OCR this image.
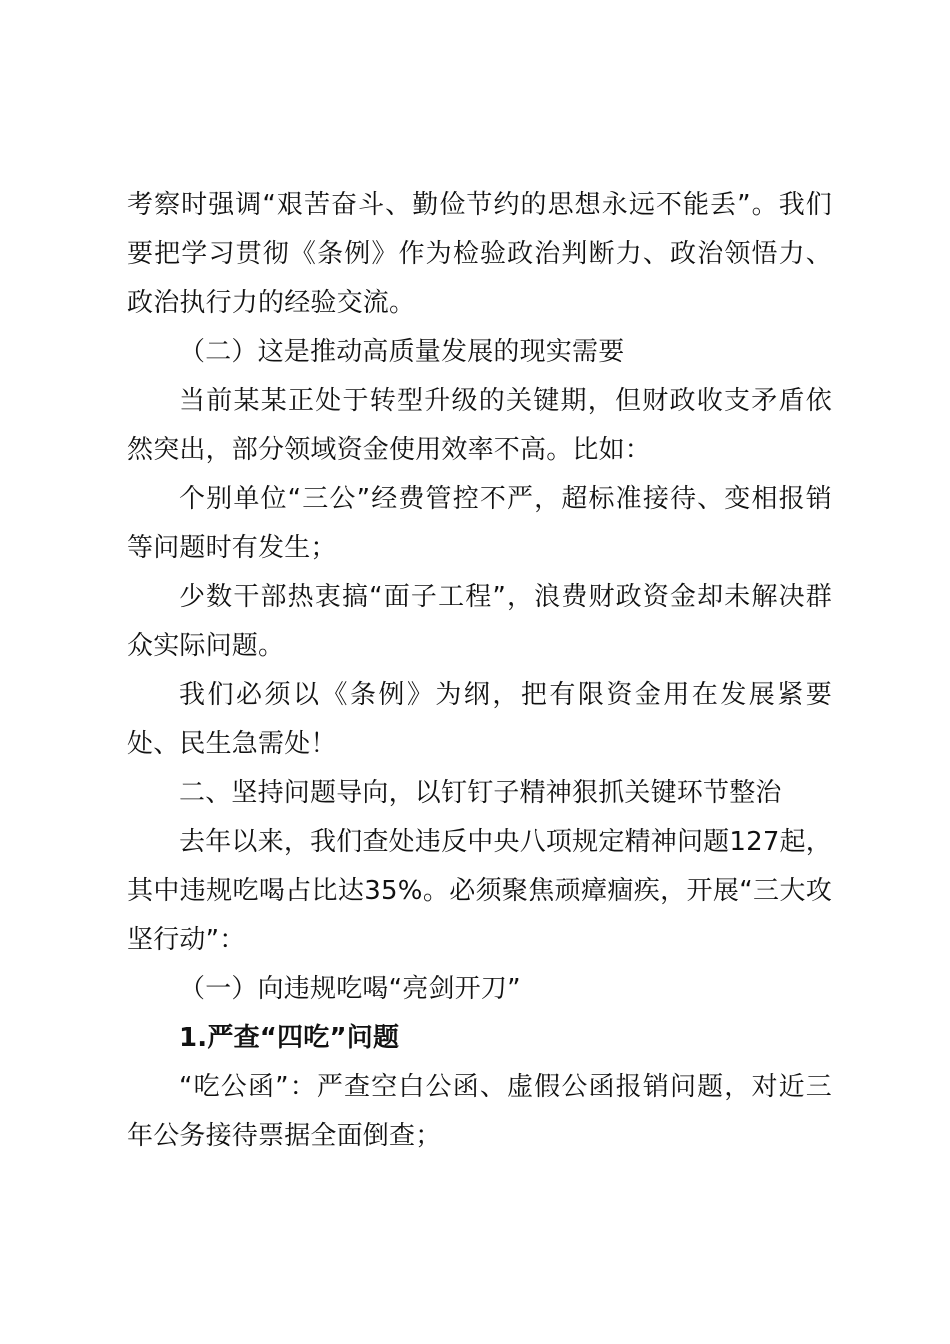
考察时强调“艰苦奋斗、勤俭节约的思想永远不能丢”。我们要把学习贯彻《条例》作为检验政治判断力、政治领悟力、政治执行力的经验交流。

（二）这是推动高质量发展的现实需要

当前某某正处于转型升级的关键期，但财政收支矛盾依然突出，部分领域资金使用效率不高。比如：

个别单位“三公”经费管控不严，超标准接待、变相报销等问题时有发生；

少数干部热衷搞“面子工程”，浪费财政资金却未解决群众实际问题。

我们必须以《条例》为纲，把有限资金用在发展紧要处、民生急需处！

二、坚持问题导向，以钉钉子精神狠抓关键环节整治

去年以来，我们查处违反中央八项规定精神问题127起，其中违规吃喝占比达35%。必须聚焦顽瘴痼疾，开展“三大攻坚行动”：

（一）向违规吃喝“亮剑开刀”

1.严查“四吃”问题

“吃公函”：严查空白公函、虚假公函报销问题，对近三年公务接待票据全面倒查；
